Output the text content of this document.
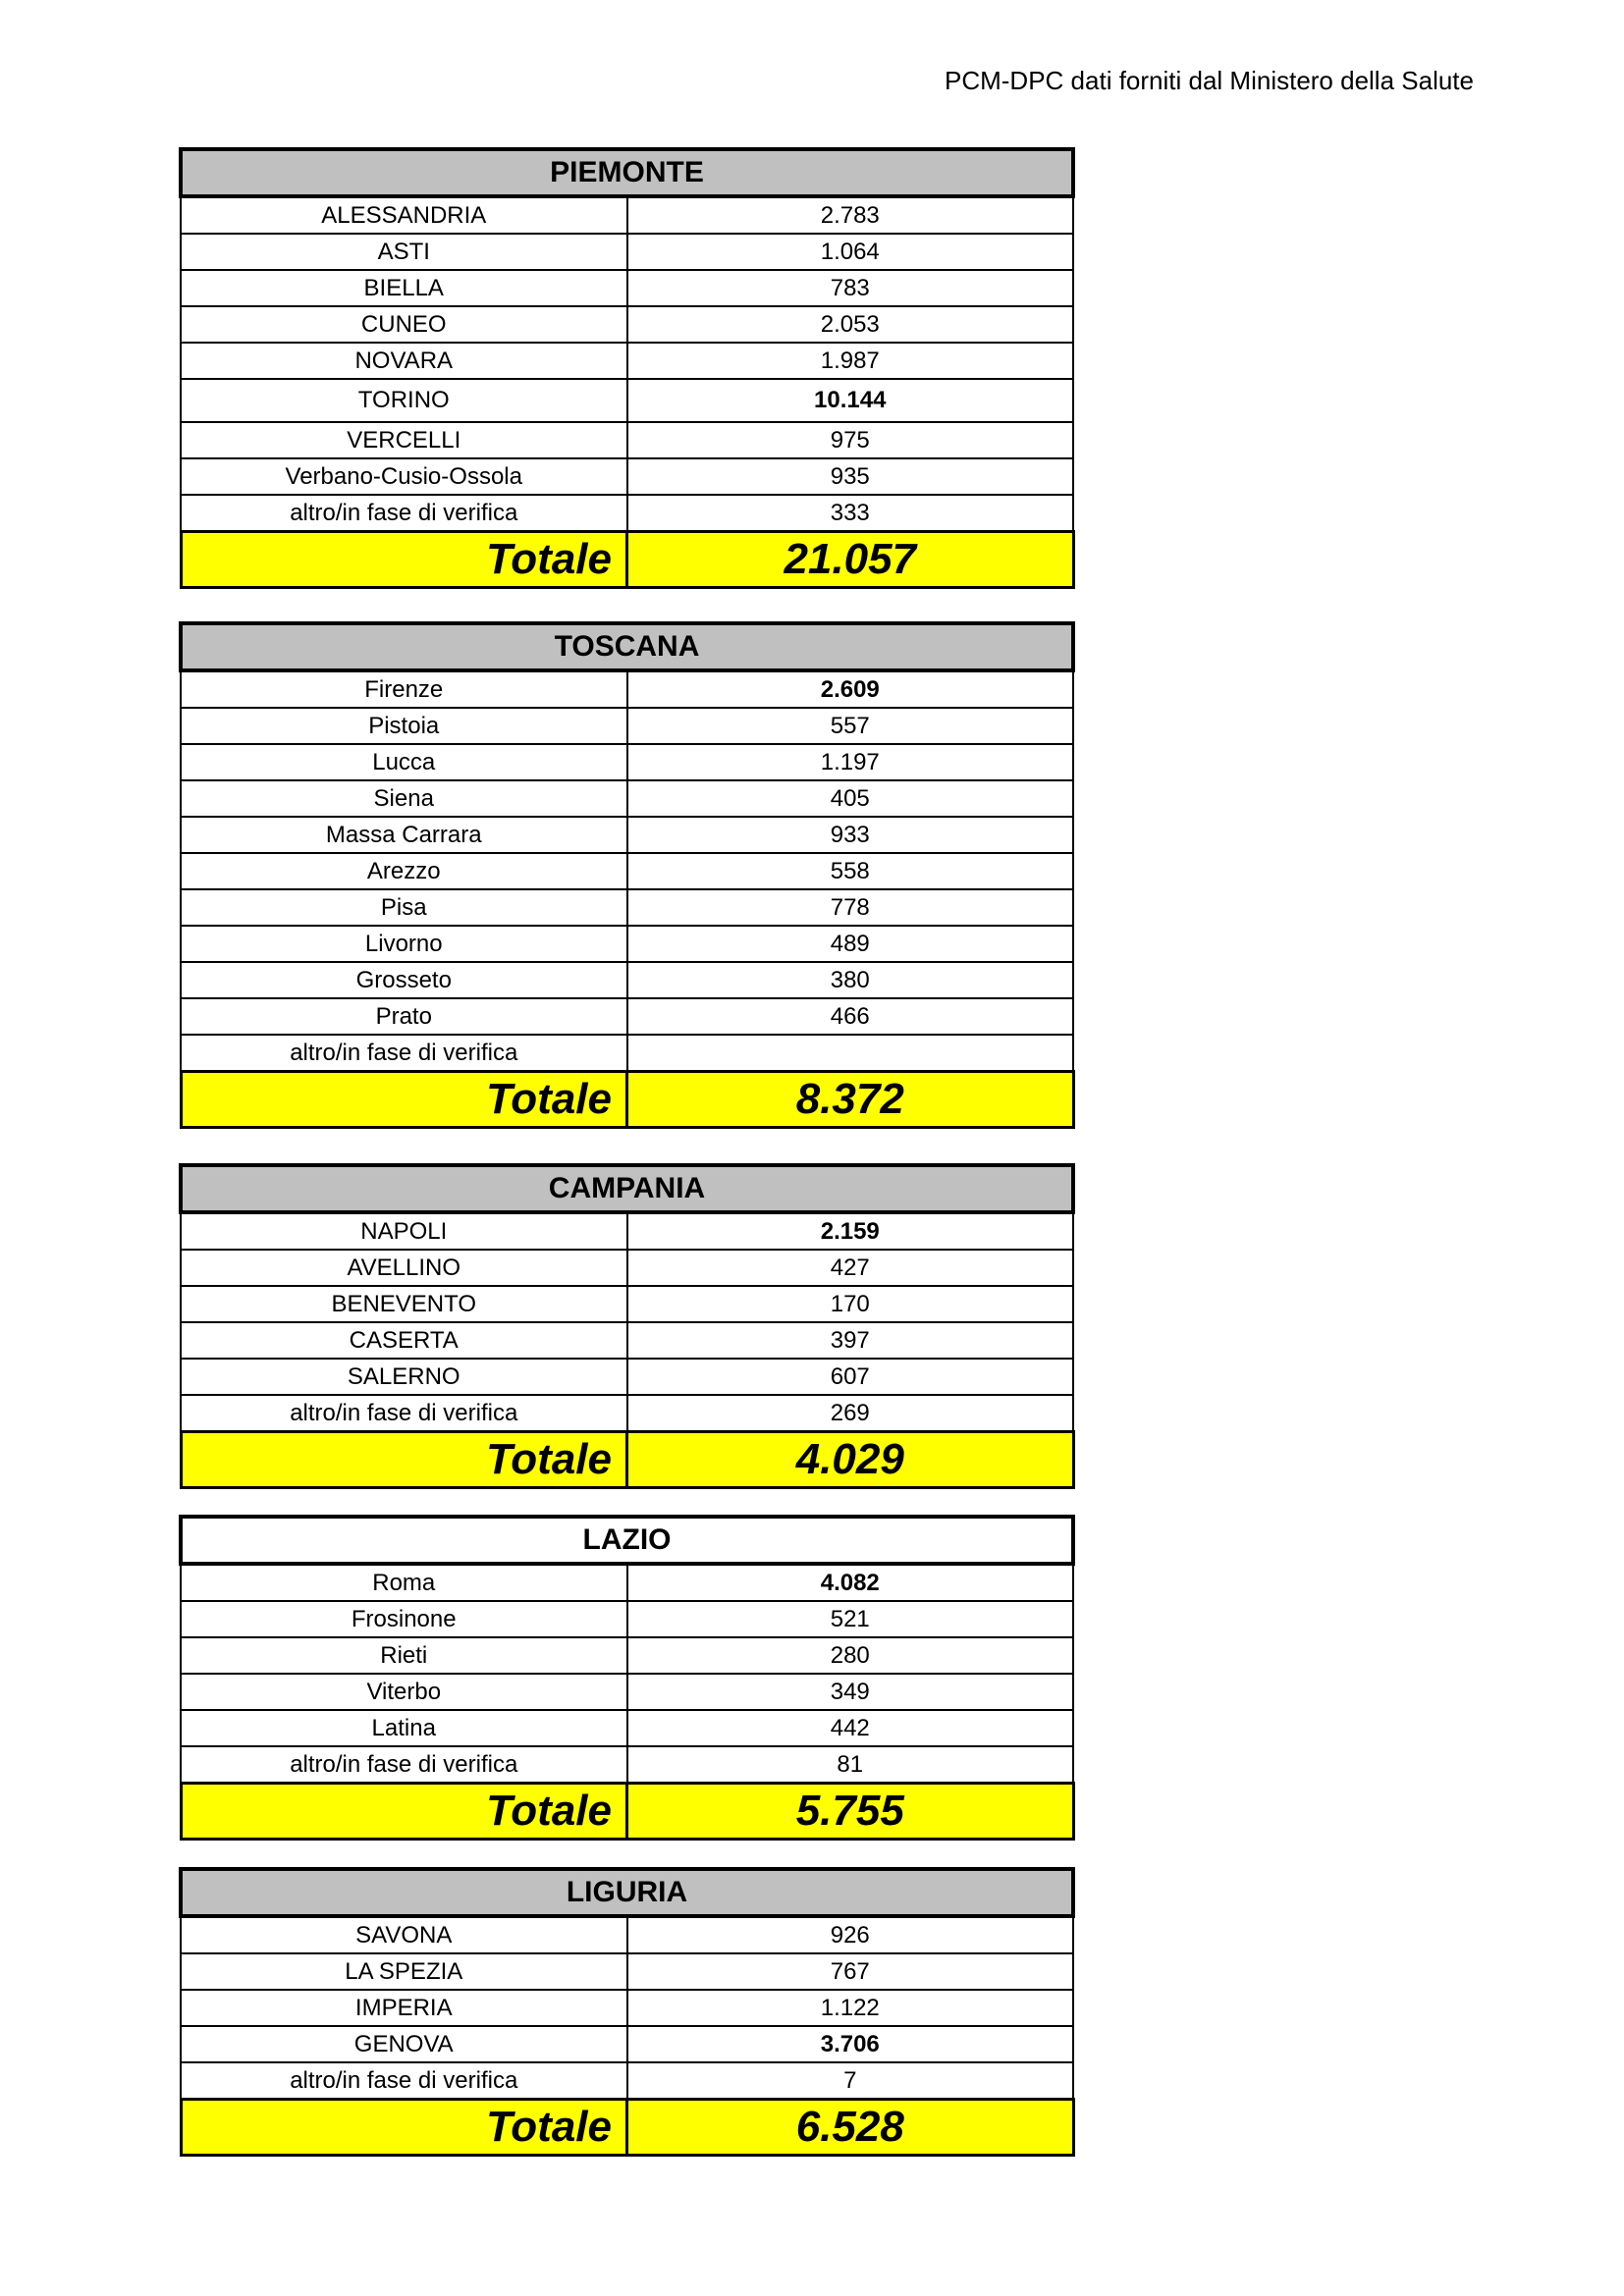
PCM-DPC dati forniti dal Ministero della Salute
PIEMONTE	
ALESSANDRIA	2.783
ASTI	1.064
BIELLA	783
CUNEO	2.053
NOVARA	1.987
TORINO	10.144
VERCELLI	975
Verbano-Cusio-Ossola	935
altro/in fase di verifica	333
Totale	21.057
TOSCANA	
Firenze	2.609
Pistoia	557
Lucca	1.197
Siena	405
Massa Carrara	933
Arezzo	558
Pisa	778
Livorno	489
Grosseto	380
Prato	466
altro/in fase di verifica	
Totale	8.372
CAMPANIA	
NAPOLI	2.159
AVELLINO	427
BENEVENTO	170
CASERTA	397
SALERNO	607
altro/in fase di verifica	269
Totale	4.029
LAZIO	
Roma	4.082
Frosinone	521
Rieti	280
Viterbo	349
Latina	442
altro/in fase di verifica	81
Totale	5.755
LIGURIA	
SAVONA	926
LA SPEZIA	767
IMPERIA	1.122
GENOVA	3.706
altro/in fase di verifica	7
Totale	6.528
